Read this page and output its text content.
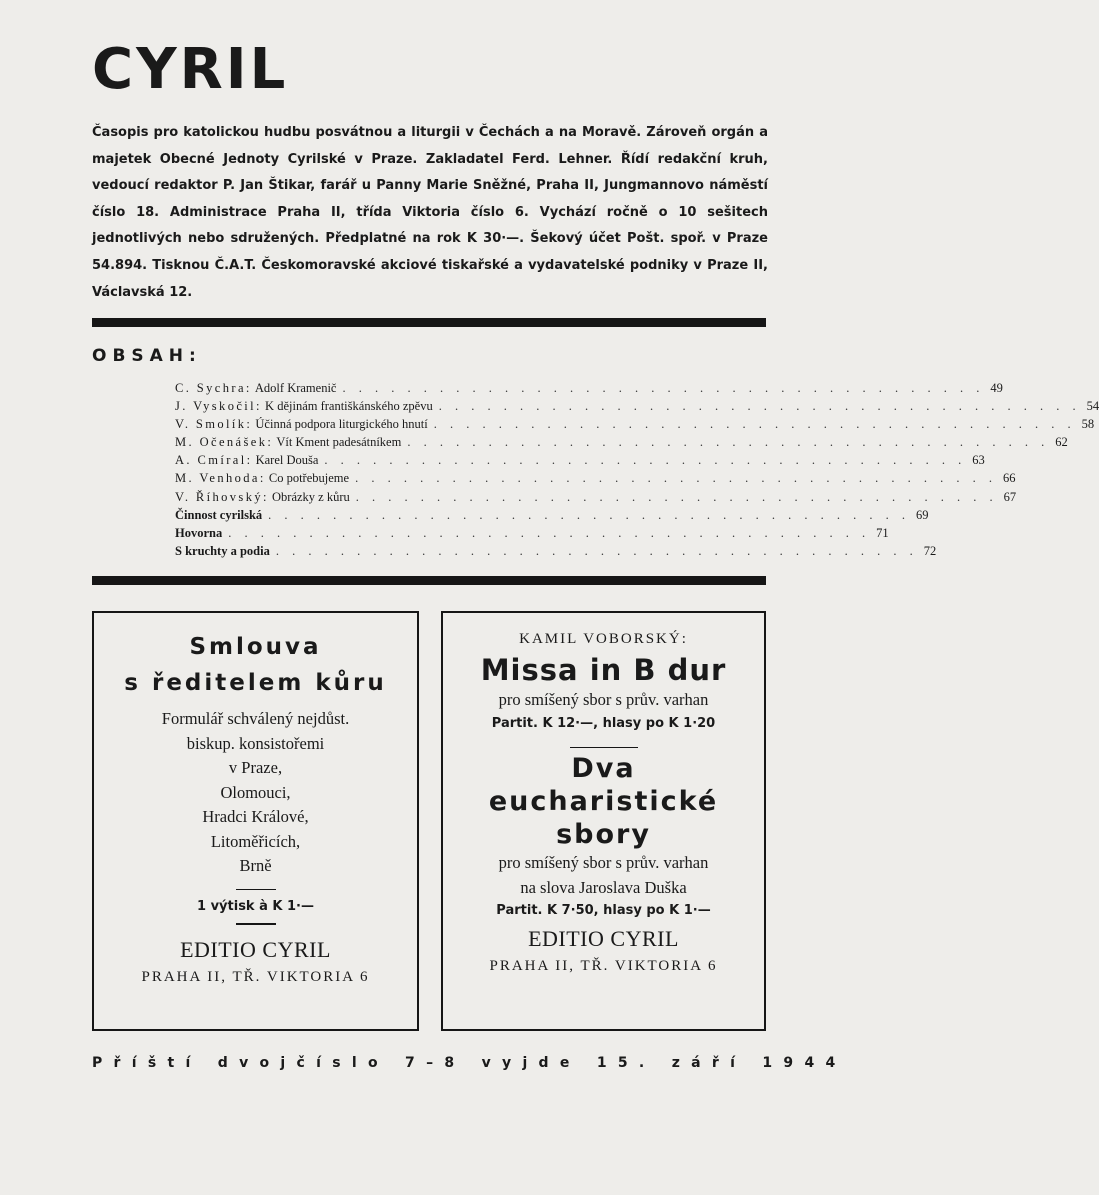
CYRIL
Časopis pro katolickou hudbu posvátnou a liturgii v Čechách a na Moravě. Zároveň orgán a majetek Obecné Jednoty Cyrilské v Praze. Zakladatel Ferd. Lehner. Řídí redakční kruh, vedoucí redaktor P. Jan Štikar, farář u Panny Marie Sněžné, Praha II, Jungmannovo náměstí číslo 18. Administrace Praha II, třída Viktoria číslo 6. Vychází ročně o 10 sešitech jednotlivých nebo sdružených. Předplatné na rok K 30·—. Šekový účet Pošt. spoř. v Praze 54.894. Tisknou Č.A.T. Českomoravské akciové tiskařské a vydavatelské podniky v Praze II, Václavská 12.
OBSAH:
C. Sychra:
Adolf Kramenič . . . . . . . . . . . . . . . . . . . . . . . . . . . . . . . . . . . . . . . . 49
J. Vyskočil:
K dějinám františkánského zpěvu . . . . . . . . . . . . . . . . . . . . . . . . . . . . . . . . . . . . . . . . 54
V. Smolík:
Účinná podpora liturgického hnutí . . . . . . . . . . . . . . . . . . . . . . . . . . . . . . . . . . . . . . . . 58
M. Očenášek:
Vít Kment padesátníkem . . . . . . . . . . . . . . . . . . . . . . . . . . . . . . . . . . . . . . . . 62
A. Cmíral:
Karel Douša . . . . . . . . . . . . . . . . . . . . . . . . . . . . . . . . . . . . . . . . 63
M. Venhoda:
Co potřebujeme . . . . . . . . . . . . . . . . . . . . . . . . . . . . . . . . . . . . . . . . 66
V. Říhovský:
Obrázky z kůru . . . . . . . . . . . . . . . . . . . . . . . . . . . . . . . . . . . . . . . . 67
Činnost cyrilská . . . . . . . . . . . . . . . . . . . . . . . . . . . . . . . . . . . . . . . . 69
Hovorna . . . . . . . . . . . . . . . . . . . . . . . . . . . . . . . . . . . . . . . . 71
S kruchty a podia . . . . . . . . . . . . . . . . . . . . . . . . . . . . . . . . . . . . . . . . 72
Smlouva
s ředitelem kůru
Formulář schválený nejdůst.
biskup. konsistořemi
v Praze,
Olomouci,
Hradci Králové,
Litoměřicích,
Brně
1 výtisk à K 1·—
EDITIO CYRIL
PRAHA II, TŘ. VIKTORIA 6
KAMIL VOBORSKÝ:
Missa in B dur
pro smíšený sbor s prův. varhan
Partit. K 12·—, hlasy po K 1·20
Dva
eucharistické
sbory
pro smíšený sbor s prův. varhan
na slova Jaroslava Duška
Partit. K 7·50, hlasy po K 1·—
EDITIO CYRIL
PRAHA II, TŘ. VIKTORIA 6
Příští dvojčíslo 7–8 vyjde 15. září 1944
